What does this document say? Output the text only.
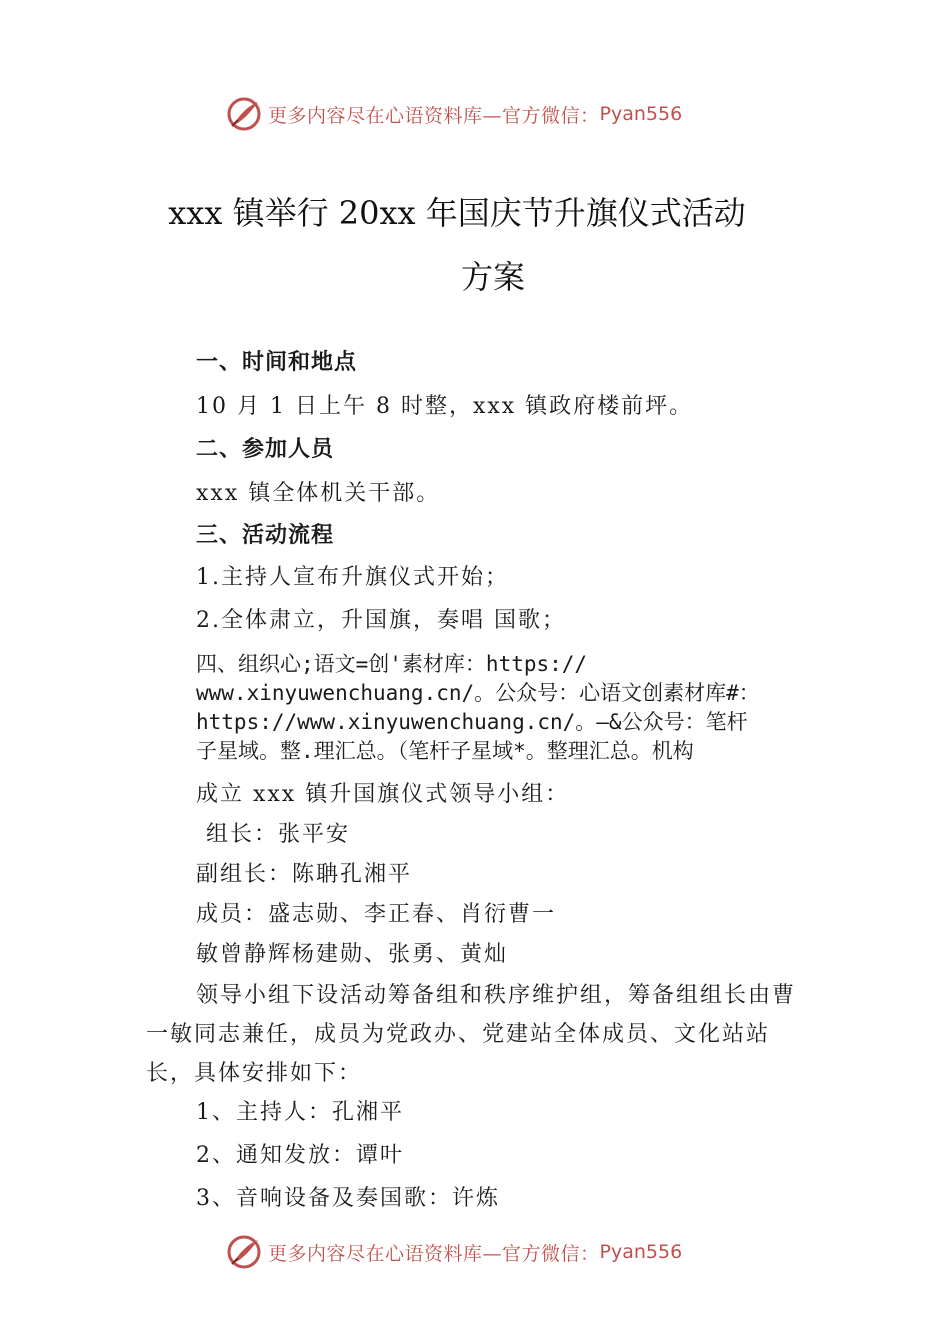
更多内容尽在心语资料库—官方微信： Pyan556
xxx 镇举行 20xx 年国庆节升旗仪式活动
方案
一、时间和地点
10 月 1 日上午 8 时整，xxx 镇政府楼前坪。
二、参加人员
xxx 镇全体机关干部。
三、活动流程
1.主持人宣布升旗仪式开始；
2.全体肃立，升国旗，奏唱 国歌；
四、组织心;语文=创'素材库：https://
www.xinyuwenchuang.cn/。公众号：心语文创素材库#：
https://www.xinyuwenchuang.cn/。—&公众号：笔杆
子星域。整.理汇总。（笔杆子星域*。整理汇总。机构
成立 xxx 镇升国旗仪式领导小组：
组长：张平安
副组长：陈聃孔湘平
成员：盛志勋、李正春、肖衍曹一
敏曾静辉杨建勋、张勇、黄灿
领导小组下设活动筹备组和秩序维护组，筹备组组长由曹一敏同志兼任，成员为党政办、党建站全体成员、文化站站长，具体安排如下：
1、主持人：孔湘平
2、通知发放：谭叶
3、音响设备及奏国歌：许炼
更多内容尽在心语资料库—官方微信： Pyan556
